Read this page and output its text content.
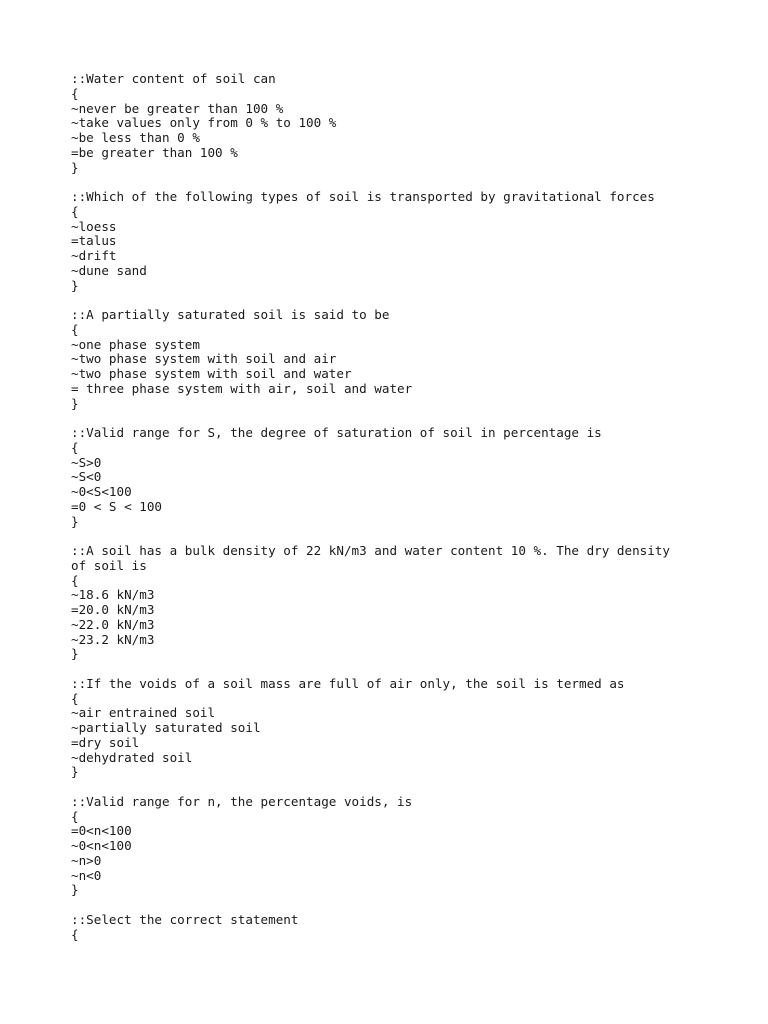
::Water content of soil can
{
~never be greater than 100 %
~take values only from 0 % to 100 %
~be less than 0 %
=be greater than 100 %
}
::Which of the following types of soil is transported by gravitational forces
{
~loess
=talus
~drift
~dune sand
}
::A partially saturated soil is said to be
{
~one phase system
~two phase system with soil and air
~two phase system with soil and water
= three phase system with air, soil and water
}
::Valid range for S, the degree of saturation of soil in percentage is
{
~S>0
~S<0
~0<S<100
=0 < S < 100
}
::A soil has a bulk density of 22 kN/m3 and water content 10 %. The dry density
of soil is
{
~18.6 kN/m3
=20.0 kN/m3
~22.0 kN/m3
~23.2 kN/m3
}
::If the voids of a soil mass are full of air only, the soil is termed as
{
~air entrained soil
~partially saturated soil
=dry soil
~dehydrated soil
}
::Valid range for n, the percentage voids, is
{
=0<n<100
~0<n<100
~n>0
~n<0
}
::Select the correct statement
{
